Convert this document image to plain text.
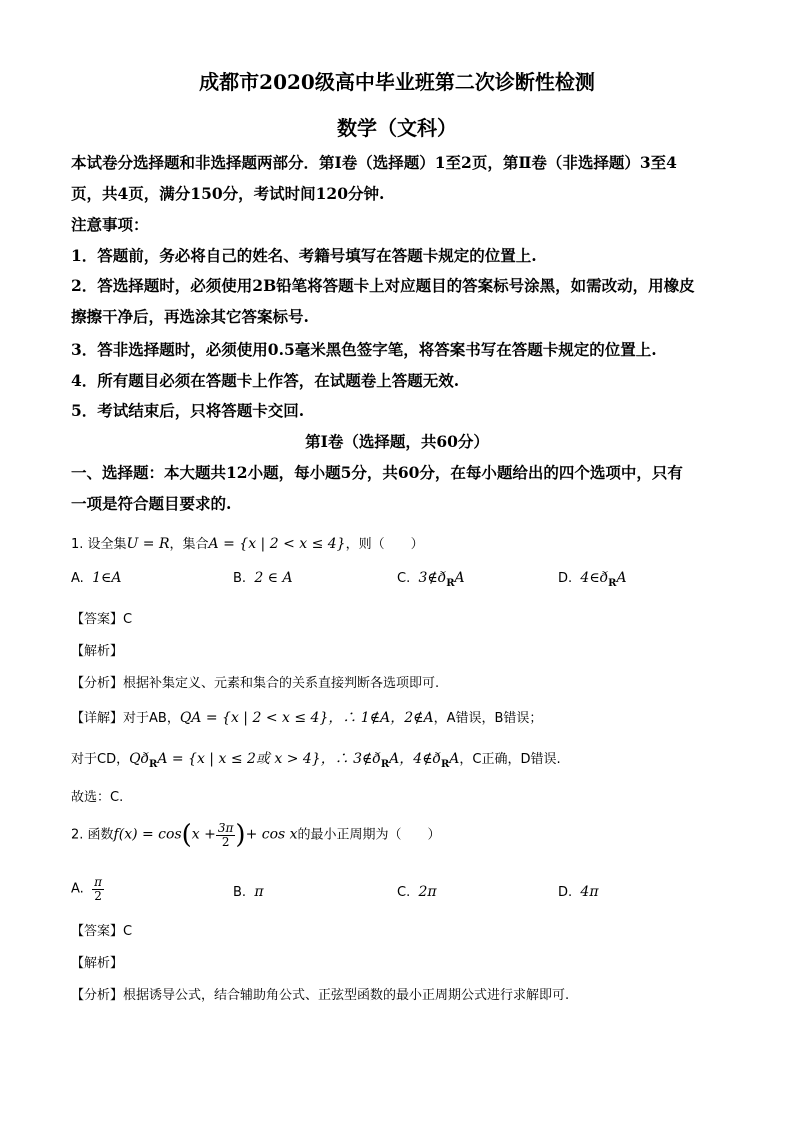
成都市2020级高中毕业班第二次诊断性检测
数学（文科）
本试卷分选择题和非选择题两部分．第Ⅰ卷（选择题）1至2页，第Ⅱ卷（非选择题）3至4
页，共4页，满分150分，考试时间120分钟.
注意事项：
1．答题前，务必将自己的姓名、考籍号填写在答题卡规定的位置上.
2．答选择题时，必须使用2B铅笔将答题卡上对应题目的答案标号涂黑，如需改动，用橡皮
擦擦干净后，再选涂其它答案标号.
3．答非选择题时，必须使用0.5毫米黑色签字笔，将答案书写在答题卡规定的位置上.
4．所有题目必须在答题卡上作答，在试题卷上答题无效.
5．考试结束后，只将答题卡交回.
第Ⅰ卷（选择题，共60分）
一、选择题：本大题共12小题，每小题5分，共60分，在每小题给出的四个选项中，只有
一项是符合题目要求的.
1. 设全集U = R，集合A = {x | 2 < x ≤ 4}，则（　　）
A. 1∈A	B. 2 ∈ A	C. $3\notin ð_RA$	D. $4\in ð_RA$
【答案】C
【解析】
【分析】根据补集定义、元素和集合的关系直接判断各选项即可.
【详解】对于AB，QA = {x | 2 < x ≤ 4}，∴ 1∉A，2∉A，A错误，B错误；
对于CD，$Qð_RA = \{x$ | x ≤ 2或 x > 4}，∴ $3\notin ð_RA$，$4\notin ð_RA$，C正确，D错误.
故选：C.
2. 函数$f(x) = \cos(x + \frac{3\pi}{2}$ )+ cos x的最小正周期为（　　）
A. $\frac{\pi}{2}$	B. π	C. 2π	D. 4π
【答案】C
【解析】
【分析】根据诱导公式，结合辅助角公式、正弦型函数的最小正周期公式进行求解即可.
